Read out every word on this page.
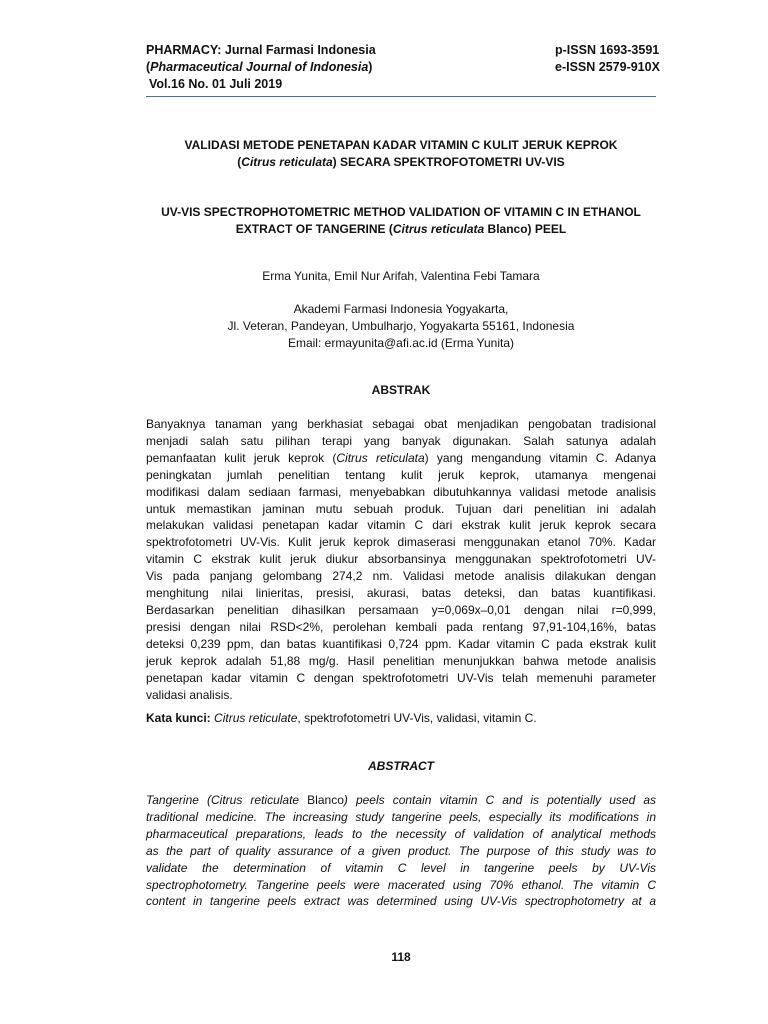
PHARMACY: Jurnal Farmasi Indonesia
(Pharmaceutical Journal of Indonesia)
Vol.16 No. 01 Juli 2019
p-ISSN 1693-3591
e-ISSN 2579-910X
VALIDASI METODE PENETAPAN KADAR VITAMIN C KULIT JERUK KEPROK
(Citrus reticulata) SECARA SPEKTROFOTOMETRI UV-VIS
UV-VIS SPECTROPHOTOMETRIC METHOD VALIDATION OF VITAMIN C IN ETHANOL
EXTRACT OF TANGERINE (Citrus reticulata Blanco) PEEL
Erma Yunita, Emil Nur Arifah, Valentina Febi Tamara
Akademi Farmasi Indonesia Yogyakarta,
Jl. Veteran, Pandeyan, Umbulharjo, Yogyakarta 55161, Indonesia
Email: ermayunita@afi.ac.id (Erma Yunita)
ABSTRAK
Banyaknya tanaman yang berkhasiat sebagai obat menjadikan pengobatan tradisional
menjadi salah satu pilihan terapi yang banyak digunakan. Salah satunya adalah
pemanfaatan kulit jeruk keprok (Citrus reticulata) yang mengandung vitamin C. Adanya
peningkatan jumlah penelitian tentang kulit jeruk keprok, utamanya mengenai
modifikasi dalam sediaan farmasi, menyebabkan dibutuhkannya validasi metode analisis
untuk memastikan jaminan mutu sebuah produk. Tujuan dari penelitian ini adalah
melakukan validasi penetapan kadar vitamin C dari ekstrak kulit jeruk keprok secara
spektrofotometri UV-Vis. Kulit jeruk keprok dimaserasi menggunakan etanol 70%. Kadar
vitamin C ekstrak kulit jeruk diukur absorbansinya menggunakan spektrofotometri UV-
Vis pada panjang gelombang 274,2 nm. Validasi metode analisis dilakukan dengan
menghitung nilai linieritas, presisi, akurasi, batas deteksi, dan batas kuantifikasi.
Berdasarkan penelitian dihasilkan persamaan y=0,069x–0,01 dengan nilai r=0,999,
presisi dengan nilai RSD<2%, perolehan kembali pada rentang 97,91-104,16%, batas
deteksi 0,239 ppm, dan batas kuantifikasi 0,724 ppm. Kadar vitamin C pada ekstrak kulit
jeruk keprok adalah 51,88 mg/g. Hasil penelitian menunjukkan bahwa metode analisis
penetapan kadar vitamin C dengan spektrofotometri UV-Vis telah memenuhi parameter
validasi analisis.
Kata kunci: Citrus reticulate, spektrofotometri UV-Vis, validasi, vitamin C.
ABSTRACT
Tangerine (Citrus reticulate Blanco) peels contain vitamin C and is potentially used as
traditional medicine. The increasing study tangerine peels, especially its modifications in
pharmaceutical preparations, leads to the necessity of validation of analytical methods
as the part of quality assurance of a given product. The purpose of this study was to
validate the determination of vitamin C level in tangerine peels by UV-Vis
spectrophotometry. Tangerine peels were macerated using 70% ethanol. The vitamin C
content in tangerine peels extract was determined using UV-Vis spectrophotometry at a
118
